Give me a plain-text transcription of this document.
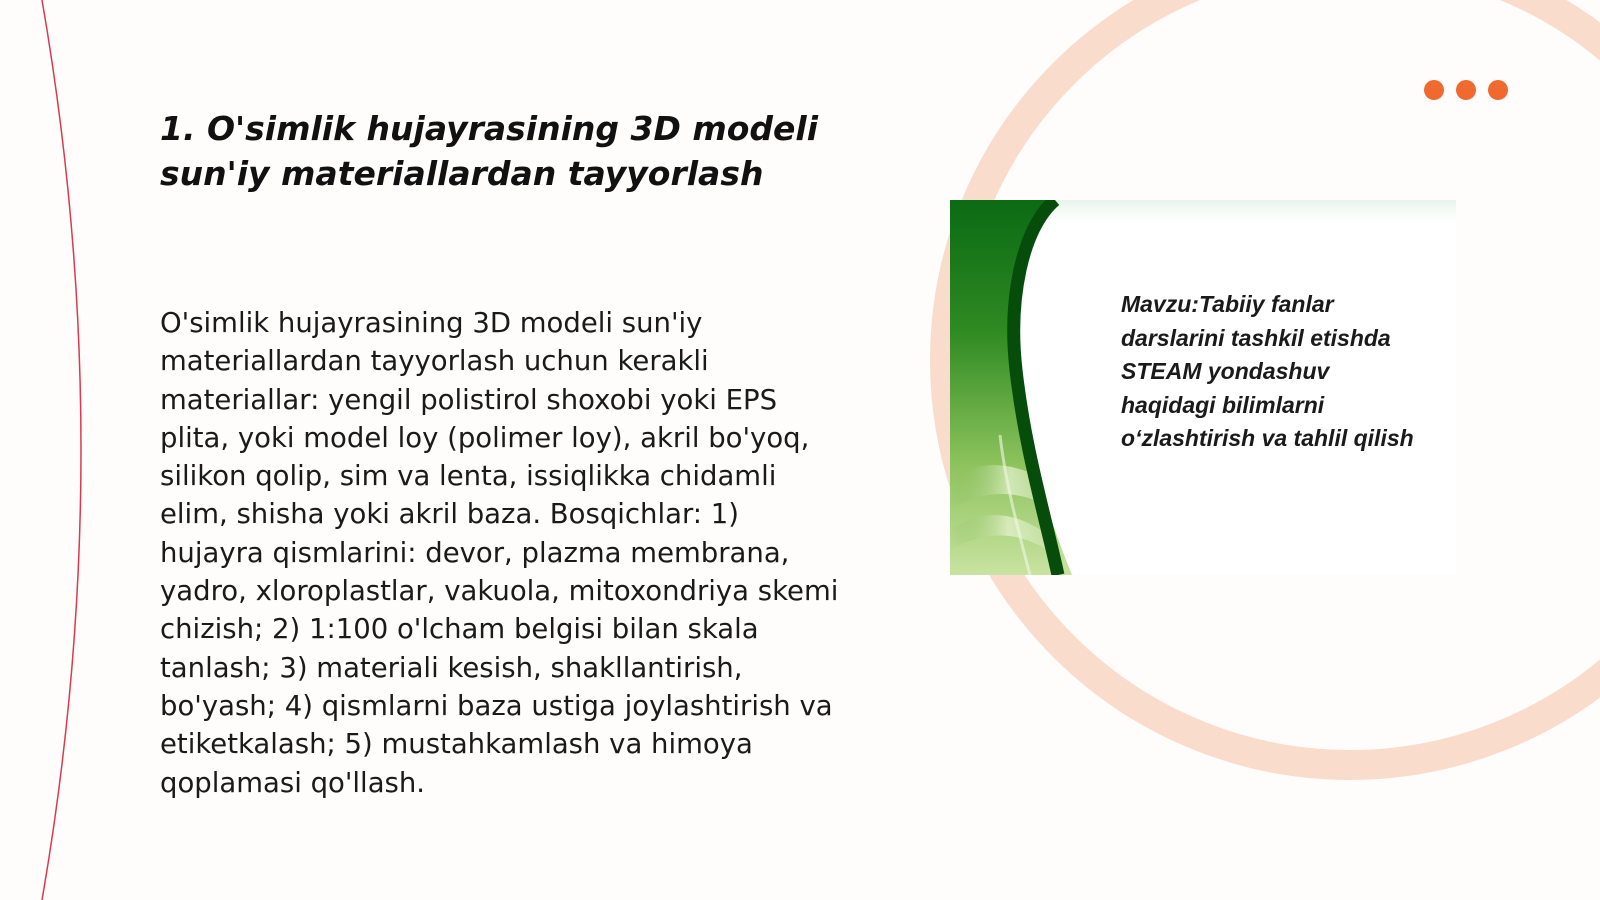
1. O'simlik hujayrasining 3D modeli sun'iy materiallardan tayyorlash

O'simlik hujayrasining 3D modeli sun'iy materiallardan tayyorlash uchun kerakli materiallar: yengil polistirol shoxobi yoki EPS plita, yoki model loy (polimer loy), akril bo'yoq, silikon qolip, sim va lenta, issiqlikka chidamli elim, shisha yoki akril baza. Bosqichlar: 1) hujayra qismlarini: devor, plazma membrana, yadro, xloroplastlar, vakuola, mitoxondriya skemi chizish; 2) 1:100 o'lcham belgisi bilan skala tanlash; 3) materiali kesish, shakllantirish, bo'yash; 4) qismlarni baza ustiga joylashtirish va etiketkalash; 5) mustahkamlash va himoya qoplamasi qo'llash.

Mavzu:Tabiiy fanlar darslarini tashkil etishda STEAM yondashuv haqidagi bilimlarni oʻzlashtirish va tahlil qilish
